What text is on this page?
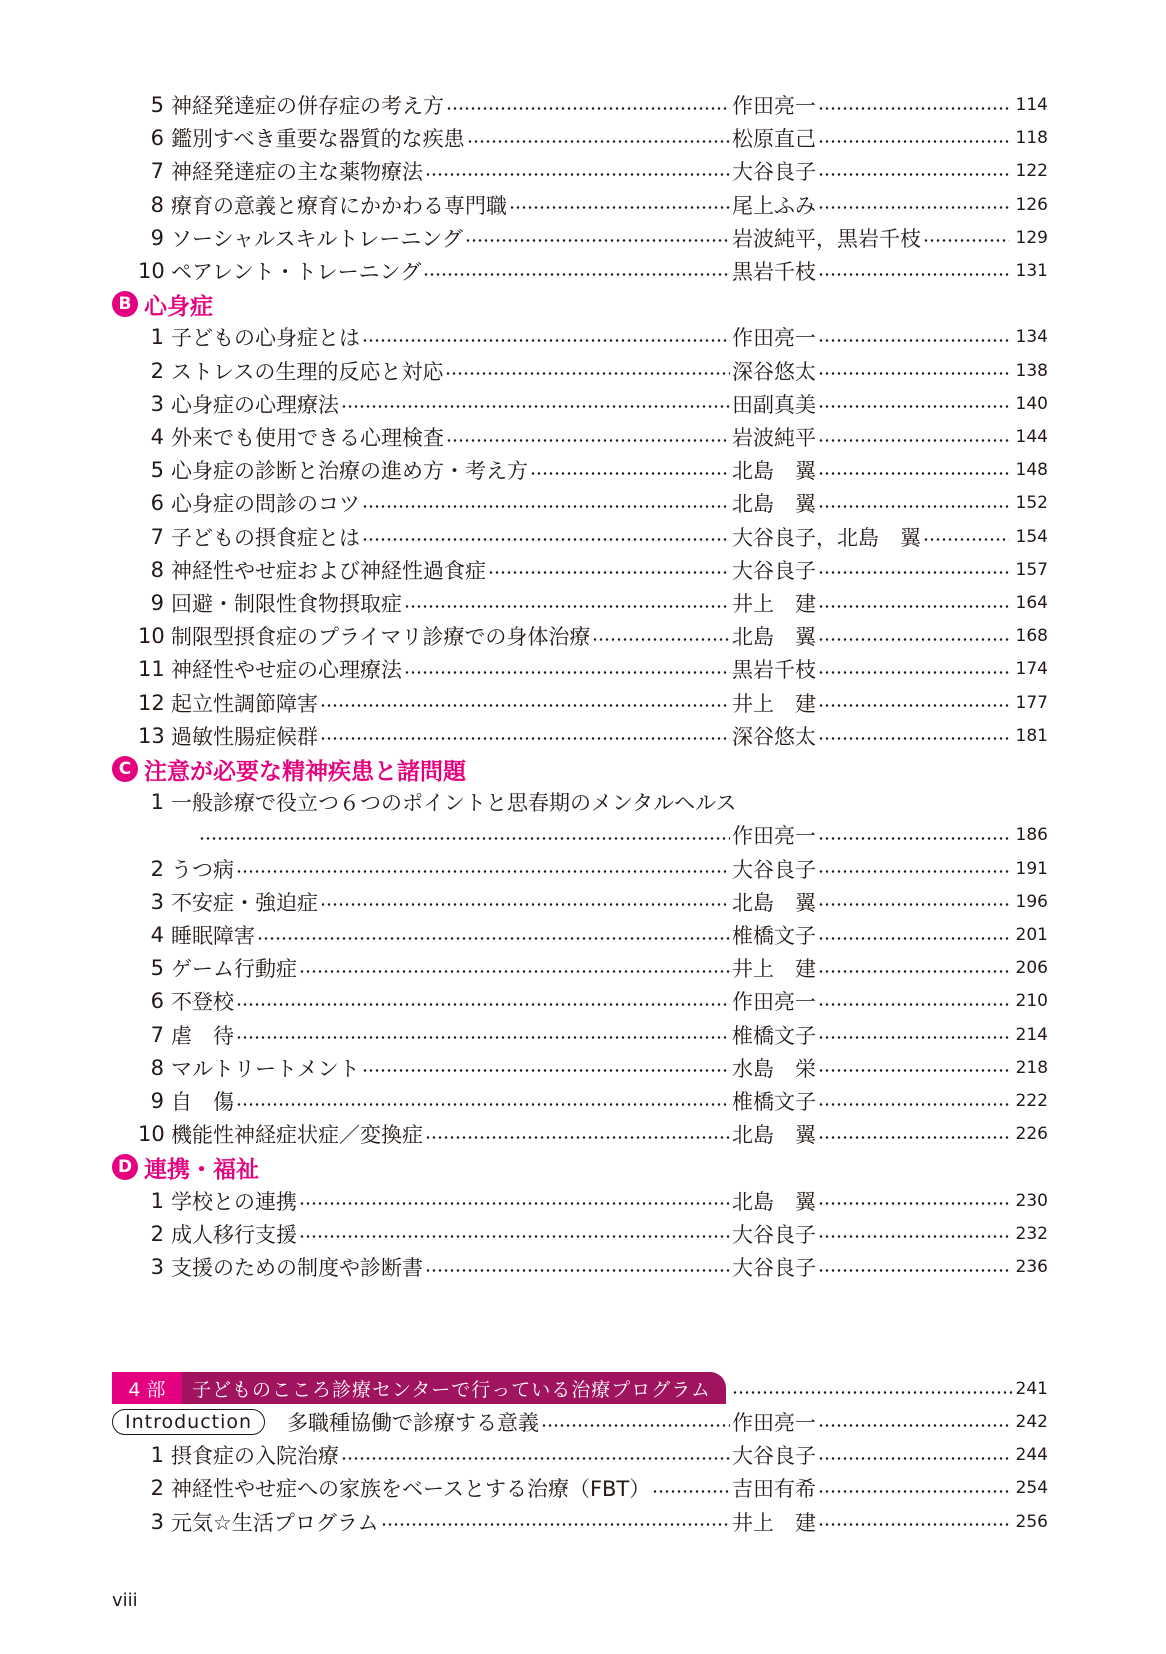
5 神経発達症の併存症の考え方	作田亮一	114
6 鑑別すべき重要な器質的な疾患	松原直己	118
7 神経発達症の主な薬物療法	大谷良子	122
8 療育の意義と療育にかかわる専門職	尾上ふみ	126
9 ソーシャルスキルトレーニング	岩波純平，黒岩千枝	129
10 ペアレント・トレーニング	黒岩千枝	131
B 心身症
1 子どもの心身症とは	作田亮一	134
2 ストレスの生理的反応と対応	深谷悠太	138
3 心身症の心理療法	田副真美	140
4 外来でも使用できる心理検査	岩波純平	144
5 心身症の診断と治療の進め方・考え方	北島　翼	148
6 心身症の問診のコツ	北島　翼	152
7 子どもの摂食症とは	大谷良子，北島　翼	154
8 神経性やせ症および神経性過食症	大谷良子	157
9 回避・制限性食物摂取症	井上　建	164
10 制限型摂食症のプライマリ診療での身体治療	北島　翼	168
11 神経性やせ症の心理療法	黒岩千枝	174
12 起立性調節障害	井上　建	177
13 過敏性腸症候群	深谷悠太	181
C 注意が必要な精神疾患と諸問題
1 一般診療で役立つ６つのポイントと思春期のメンタルヘルス
作田亮一	186
2 うつ病	大谷良子	191
3 不安症・強迫症	北島　翼	196
4 睡眠障害	椎橋文子	201
5 ゲーム行動症	井上　建	206
6 不登校	作田亮一	210
7 虐　待	椎橋文子	214
8 マルトリートメント	水島　栄	218
9 自　傷	椎橋文子	222
10 機能性神経症状症／変換症	北島　翼	226
D 連携・福祉
1 学校との連携	北島　翼	230
2 成人移行支援	大谷良子	232
3 支援のための制度や診断書	大谷良子	236
4 部	子どものこころ診療センターで行っている治療プログラム	241
Introduction	多職種協働で診療する意義	作田亮一	242
1 摂食症の入院治療	大谷良子	244
2 神経性やせ症への家族をベースとする治療（FBT）	吉田有希	254
3 元気☆生活プログラム	井上　建	256
viii
